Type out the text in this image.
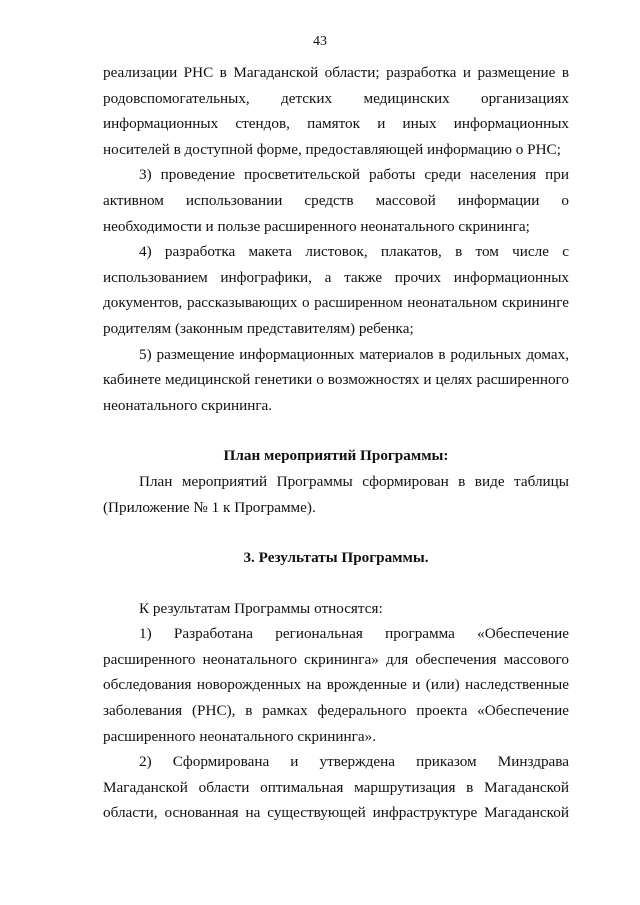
43

реализации РНС в Магаданской области; разработка и размещение в родовспомогательных, детских медицинских организациях информационных стендов, памяток и иных информационных носителей в доступной форме, предоставляющей информацию о РНС;

3) проведение просветительской работы среди населения при активном использовании средств массовой информации о необходимости и пользе расширенного неонатального скрининга;

4) разработка макета листовок, плакатов, в том числе с использованием инфографики, а также прочих информационных документов, рассказывающих о расширенном неонатальном скрининге родителям (законным представителям) ребенка;

5) размещение информационных материалов в родильных домах, кабинете медицинской генетики о возможностях и целях расширенного неонатального скрининга.

План мероприятий Программы:

План мероприятий Программы сформирован в виде таблицы (Приложение № 1 к Программе).

3. Результаты Программы.

К результатам Программы относятся:

1) Разработана региональная программа «Обеспечение расширенного неонатального скрининга» для обеспечения массового обследования новорожденных на врожденные и (или) наследственные заболевания (РНС), в рамках федерального проекта «Обеспечение расширенного неонатального скрининга».

2) Сформирована и утверждена приказом Минздрава Магаданской области оптимальная маршрутизация в Магаданской области, основанная на существующей инфраструктуре Магаданской
